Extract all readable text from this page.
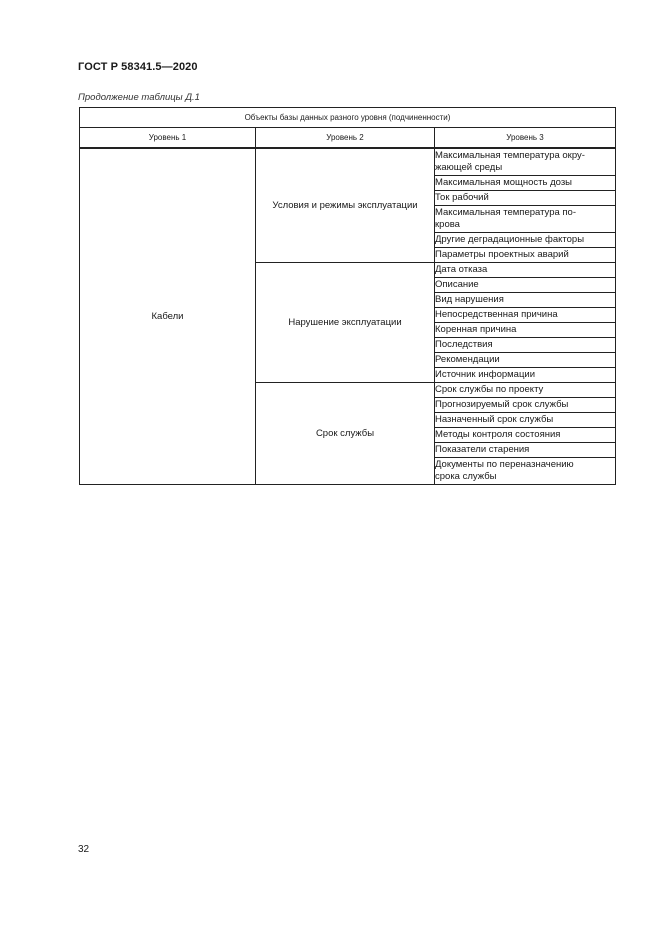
ГОСТ Р 58341.5—2020
Продолжение таблицы Д.1
Объекты базы данных разного уровня (подчиненности)		
Уровень 1	Уровень 2	Уровень 3
Кабели	Условия и режимы эксплуатации	Максимальная температура окру-
жающей среды
		Максимальная мощность дозы
		Ток рабочий
		Максимальная температура по-
крова
		Другие деградационные факторы
		Параметры проектных аварий
	Нарушение эксплуатации	Дата отказа
		Описание
		Вид нарушения
		Непосредственная причина
		Коренная причина
		Последствия
		Рекомендации
		Источник информации
	Срок службы	Срок службы по проекту
		Прогнозируемый срок службы
		Назначенный срок службы
		Методы контроля состояния
		Показатели старения
		Документы по переназначению
срока службы
32
